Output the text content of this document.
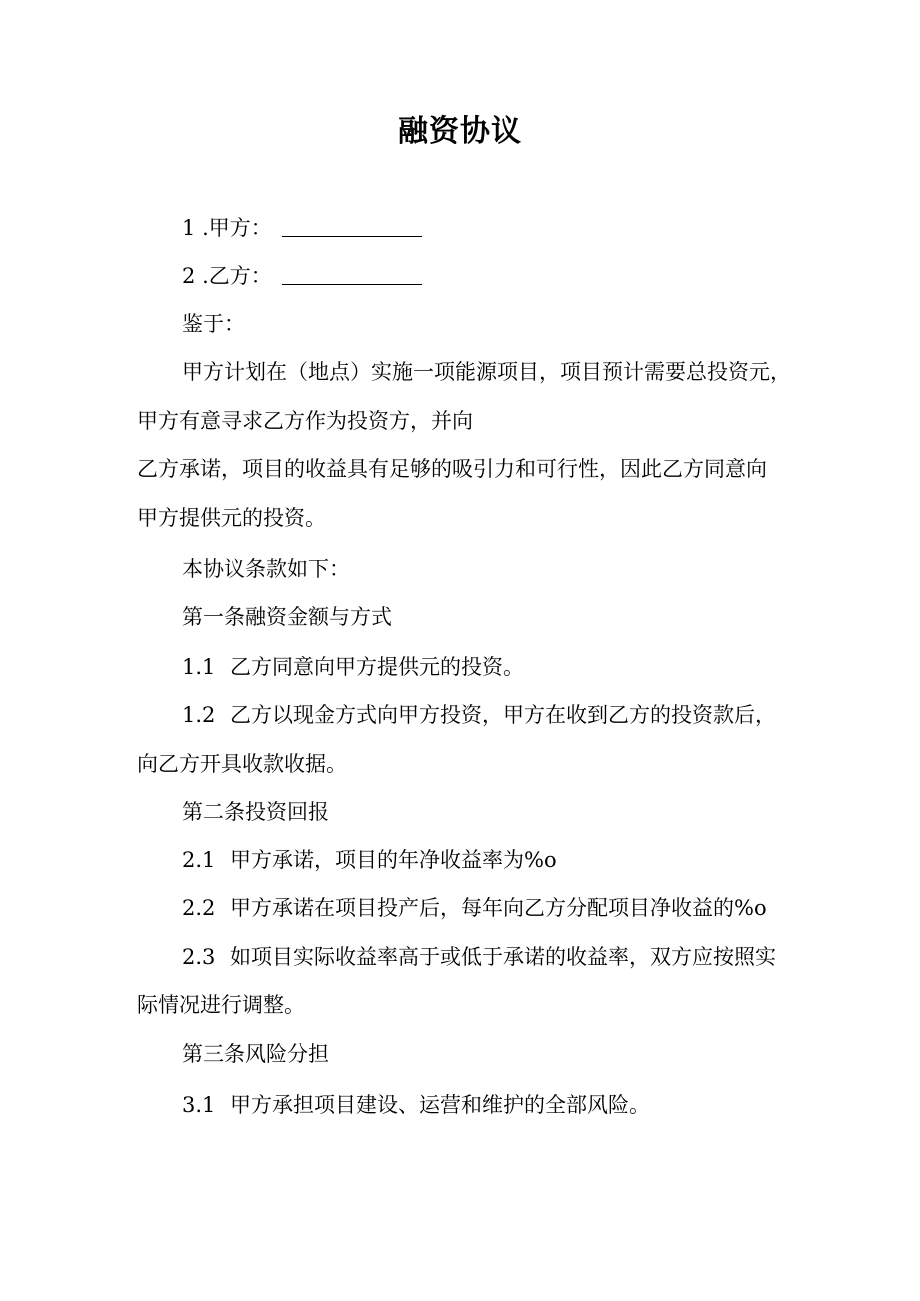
融资协议
1 .甲方：
2 .乙方：
鉴于：
甲方计划在（地点）实施一项能源项目，项目预计需要总投资元，
甲方有意寻求乙方作为投资方，并向
乙方承诺，项目的收益具有足够的吸引力和可行性，因此乙方同意向
甲方提供元的投资。
本协议条款如下：
第一条融资金额与方式
1.1 乙方同意向甲方提供元的投资。
1.2 乙方以现金方式向甲方投资，甲方在收到乙方的投资款后，
向乙方开具收款收据。
第二条投资回报
2.1 甲方承诺，项目的年净收益率为%o
2.2 甲方承诺在项目投产后，每年向乙方分配项目净收益的%o
2.3 如项目实际收益率高于或低于承诺的收益率，双方应按照实
际情况进行调整。
第三条风险分担
3.1 甲方承担项目建设、运营和维护的全部风险。
